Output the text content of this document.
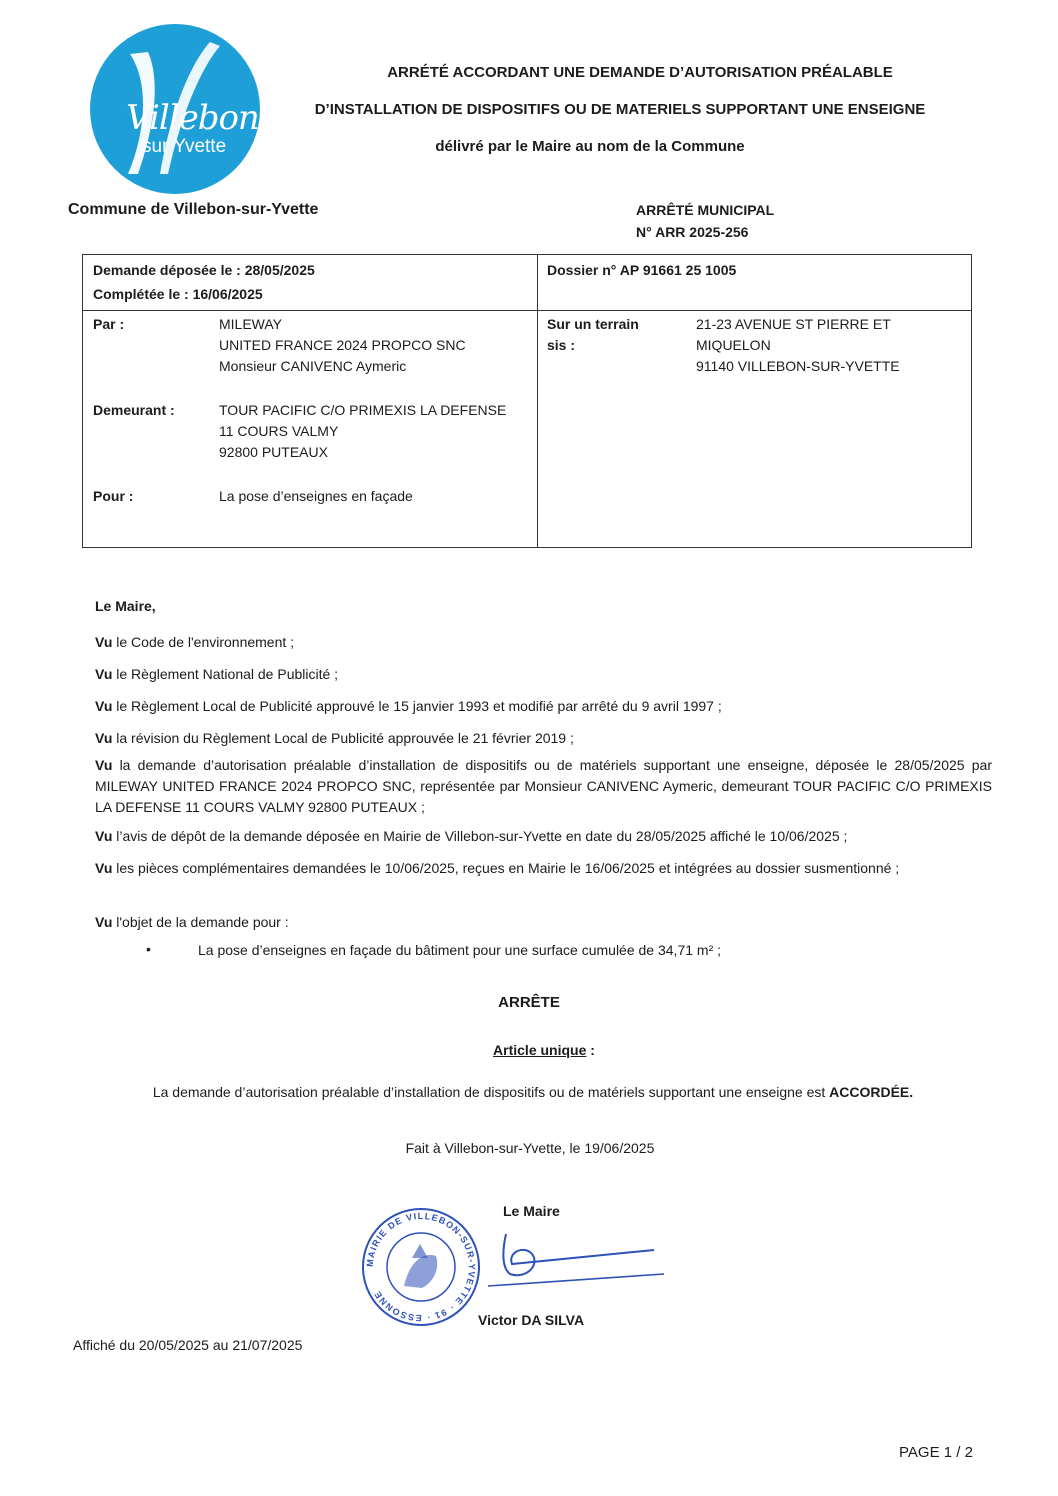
Villebon
sur Yvette
ARRÉTÉ ACCORDANT UNE DEMANDE D’AUTORISATION PRÉALABLE
D’INSTALLATION DE DISPOSITIFS OU DE MATERIELS SUPPORTANT UNE ENSEIGNE
délivré par le Maire au nom de la Commune
Commune de Villebon-sur-Yvette	ARRÊTÉ MUNICIPAL
N° ARR 2025-256
Demande déposée le : 28/05/2025
Complétée le : 16/06/2025
Dossier n° AP 91661 25 1005
Par :	MILEWAY
UNITED FRANCE 2024 PROPCO SNC
Monsieur CANIVENC Aymeric
Demeurant :	TOUR PACIFIC C/O PRIMEXIS LA DEFENSE
11 COURS VALMY
92800 PUTEAUX
Pour :	La pose d’enseignes en façade
Sur un terrain
sis :
21-23 AVENUE ST PIERRE ET
MIQUELON
91140 VILLEBON-SUR-YVETTE
Le Maire,
Vu le Code de l'environnement ;
Vu le Règlement National de Publicité ;
Vu le Règlement Local de Publicité approuvé le 15 janvier 1993 et modifié par arrêté du 9 avril 1997 ;
Vu la révision du Règlement Local de Publicité approuvée le 21 février 2019 ;
Vu la demande d’autorisation préalable d’installation de dispositifs ou de matériels supportant une enseigne, déposée le 28/05/2025 par MILEWAY UNITED FRANCE 2024 PROPCO SNC, représentée par Monsieur CANIVENC Aymeric, demeurant TOUR PACIFIC C/O PRIMEXIS LA DEFENSE 11 COURS VALMY 92800 PUTEAUX ;
Vu l’avis de dépôt de la demande déposée en Mairie de Villebon-sur-Yvette en date du 28/05/2025 affiché le 10/06/2025 ;
Vu les pièces complémentaires demandées le 10/06/2025, reçues en Mairie le 16/06/2025 et intégrées au dossier susmentionné ;
Vu l'objet de la demande pour :
•	La pose d’enseignes en façade du bâtiment pour une surface cumulée de 34,71 m² ;
ARRÊTE
Article unique :
La demande d’autorisation préalable d’installation de dispositifs ou de matériels supportant une enseigne est ACCORDÉE.
Fait à Villebon-sur-Yvette, le 19/06/2025
Le Maire
MAIRIE DE VILLEBON-SUR-YVETTE · 91 · ESSONNE
Victor DA SILVA
Affiché du 20/05/2025 au 21/07/2025
PAGE 1 / 2
